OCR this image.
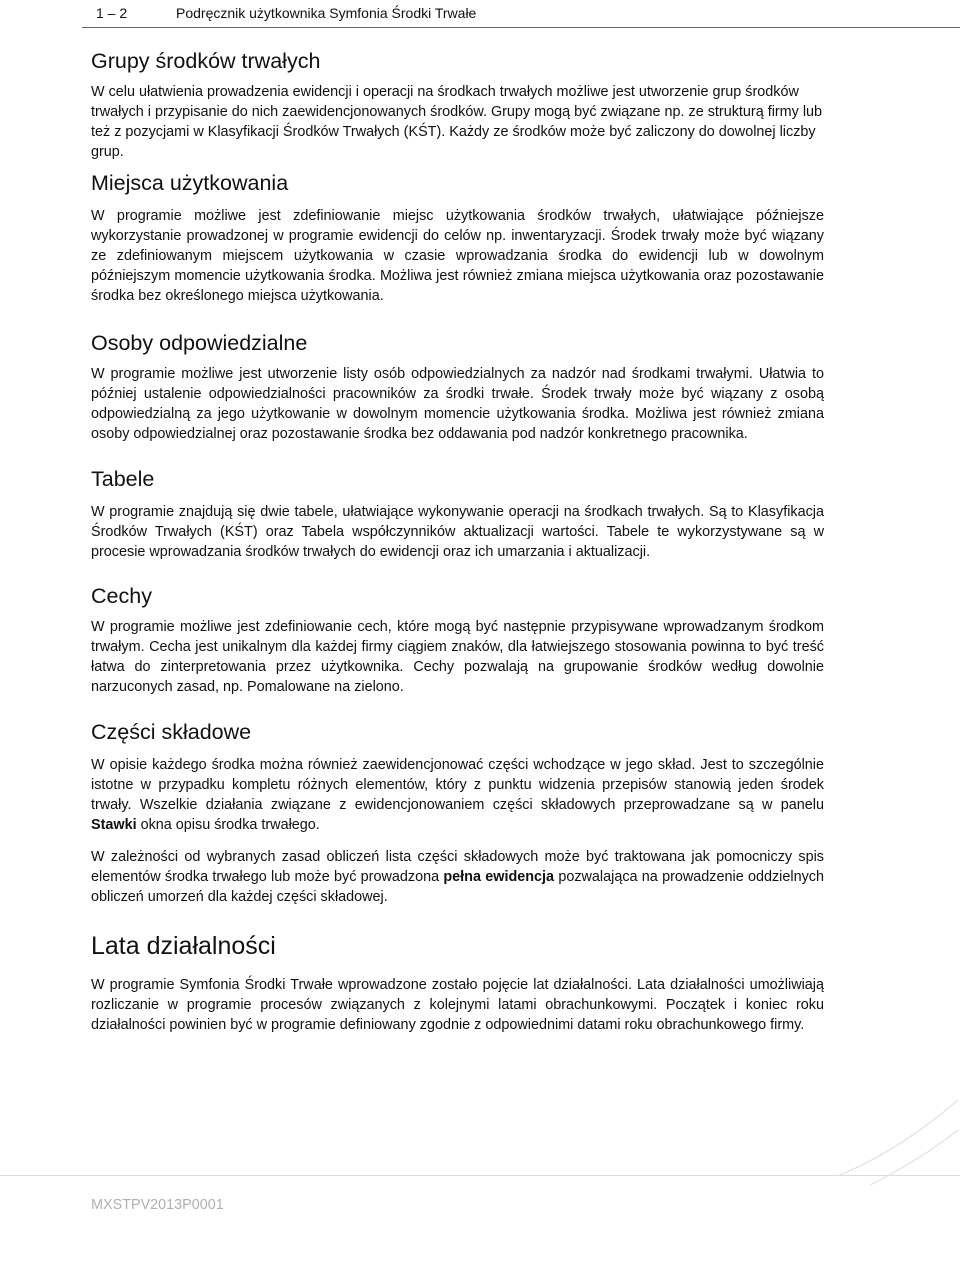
1 – 2	Podręcznik użytkownika Symfonia Środki Trwałe
Grupy środków trwałych

W celu ułatwienia prowadzenia ewidencji i operacji na środkach trwałych możliwe jest utworzenie grup środków trwałych i przypisanie do nich zaewidencjonowanych środków. Grupy mogą być związane np. ze strukturą firmy lub też z pozycjami w Klasyfikacji Środków Trwałych (KŚT). Każdy ze środków może być zaliczony do dowolnej liczby grup.

Miejsca użytkowania

W programie możliwe jest zdefiniowanie miejsc użytkowania środków trwałych, ułatwiające późniejsze wykorzystanie prowadzonej w programie ewidencji do celów np. inwentaryzacji. Środek trwały może być wiązany ze zdefiniowanym miejscem użytkowania w czasie wprowadzania środka do ewidencji lub w dowolnym późniejszym momencie użytkowania środka. Możliwa jest również zmiana miejsca użytkowania oraz pozostawanie środka bez określonego miejsca użytkowania.

Osoby odpowiedzialne

W programie możliwe jest utworzenie listy osób odpowiedzialnych za nadzór nad środkami trwałymi. Ułatwia to później ustalenie odpowiedzialności pracowników za środki trwałe. Środek trwały może być wiązany z osobą odpowiedzialną za jego użytkowanie w dowolnym momencie użytkowania środka. Możliwa jest również zmiana osoby odpowiedzialnej oraz pozostawanie środka bez oddawania pod nadzór konkretnego pracownika.

Tabele

W programie znajdują się dwie tabele, ułatwiające wykonywanie operacji na środkach trwałych. Są to Klasyfikacja Środków Trwałych (KŚT) oraz Tabela współczynników aktualizacji wartości. Tabele te wykorzystywane są w procesie wprowadzania środków trwałych do ewidencji oraz ich umarzania i aktualizacji.

Cechy

W programie możliwe jest zdefiniowanie cech, które mogą być następnie przypisywane wprowadzanym środkom trwałym. Cecha jest unikalnym dla każdej firmy ciągiem znaków, dla łatwiejszego stosowania powinna to być treść łatwa do zinterpretowania przez użytkownika. Cechy pozwalają na grupowanie środków według dowolnie narzuconych zasad, np. Pomalowane na zielono.

Części składowe

W opisie każdego środka można również zaewidencjonować części wchodzące w jego skład. Jest to szczególnie istotne w przypadku kompletu różnych elementów, który z punktu widzenia przepisów stanowią jeden środek trwały. Wszelkie działania związane z ewidencjonowaniem części składowych przeprowadzane są w panelu Stawki okna opisu środka trwałego.

W zależności od wybranych zasad obliczeń lista części składowych może być traktowana jak pomocniczy spis elementów środka trwałego lub może być prowadzona pełna ewidencja pozwalająca na prowadzenie oddzielnych obliczeń umorzeń dla każdej części składowej.

Lata działalności

W programie Symfonia Środki Trwałe wprowadzone zostało pojęcie lat działalności. Lata działalności umożliwiają rozliczanie w programie procesów związanych z kolejnymi latami obrachunkowymi. Początek i koniec roku działalności powinien być w programie definiowany zgodnie z odpowiednimi datami roku obrachunkowego firmy.

MXSTPV2013P0001
